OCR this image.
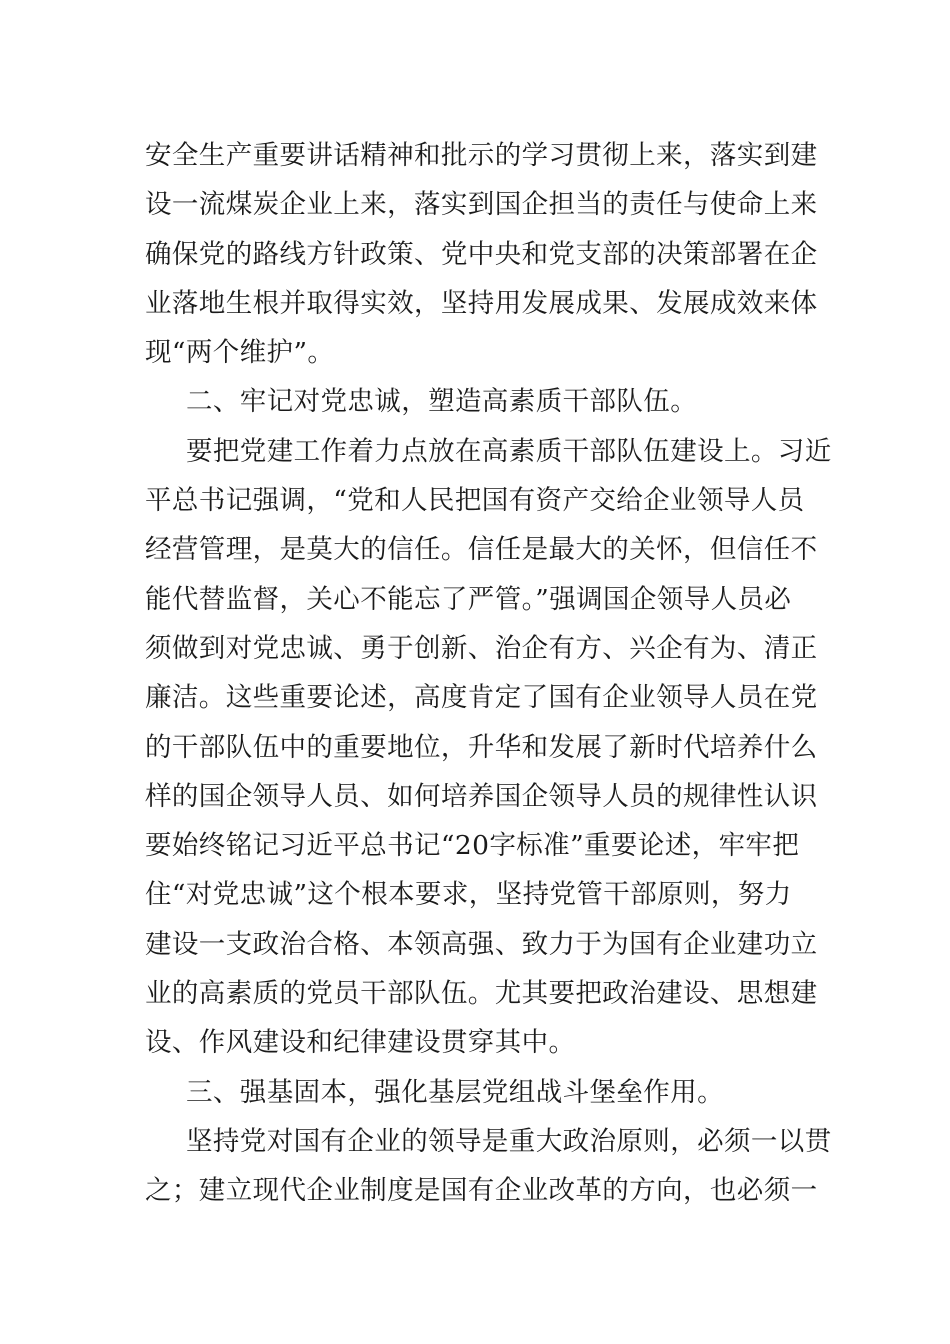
安全生产重要讲话精神和批示的学习贯彻上来，落实到建
设一流煤炭企业上来，落实到国企担当的责任与使命上来
确保党的路线方针政策、党中央和党支部的决策部署在企
业落地生根并取得实效，坚持用发展成果、发展成效来体
现“两个维护”。
二、牢记对党忠诚，塑造高素质干部队伍。
要把党建工作着力点放在高素质干部队伍建设上。习近
平总书记强调，“党和人民把国有资产交给企业领导人员
经营管理，是莫大的信任。信任是最大的关怀，但信任不
能代替监督，关心不能忘了严管。”强调国企领导人员必
须做到对党忠诚、勇于创新、治企有方、兴企有为、清正
廉洁。这些重要论述，高度肯定了国有企业领导人员在党
的干部队伍中的重要地位，升华和发展了新时代培养什么
样的国企领导人员、如何培养国企领导人员的规律性认识
要始终铭记习近平总书记“20字标准”重要论述，牢牢把
住“对党忠诚”这个根本要求，坚持党管干部原则，努力
建设一支政治合格、本领高强、致力于为国有企业建功立
业的高素质的党员干部队伍。尤其要把政治建设、思想建
设、作风建设和纪律建设贯穿其中。
三、强基固本，强化基层党组战斗堡垒作用。
坚持党对国有企业的领导是重大政治原则，必须一以贯
之；建立现代企业制度是国有企业改革的方向，也必须一
